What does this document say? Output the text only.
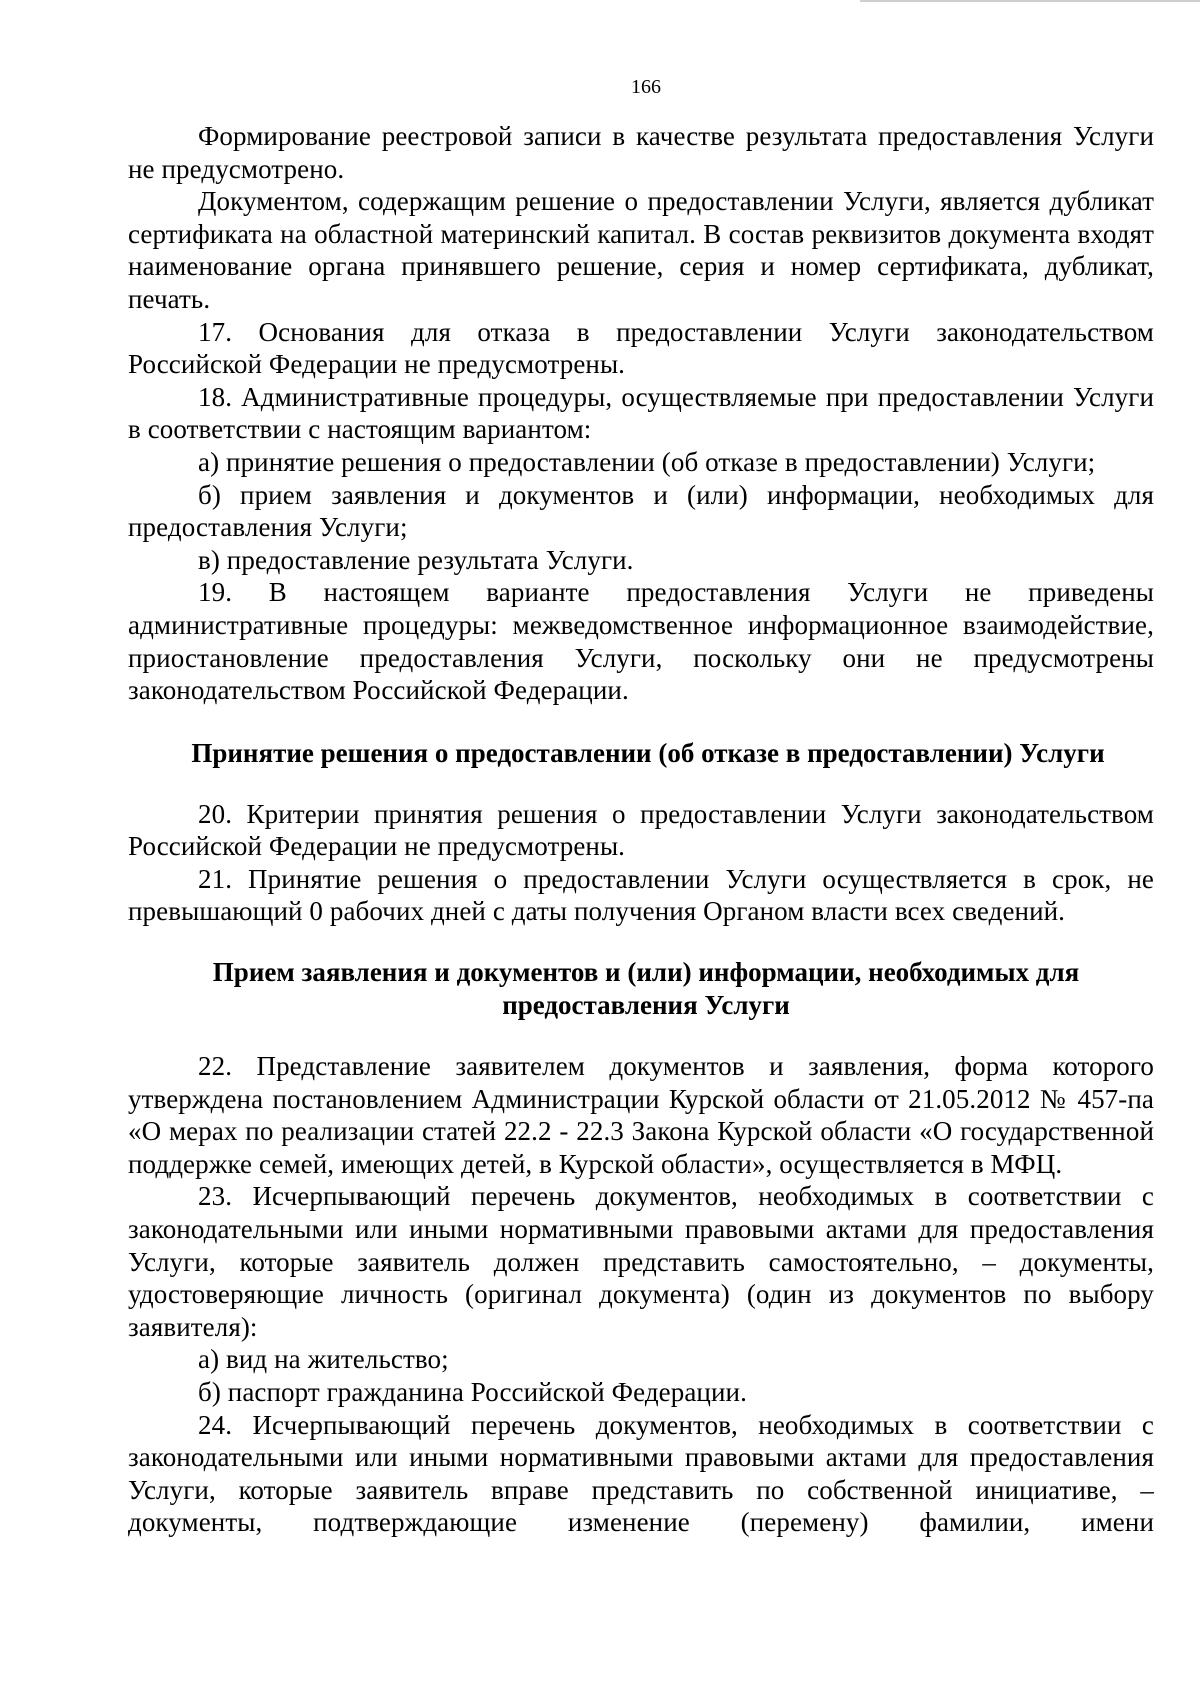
166

Формирование реестровой записи в качестве результата предоставления Услуги не предусмотрено.

Документом, содержащим решение о предоставлении Услуги, является дубликат сертификата на областной материнский капитал. В состав реквизитов документа входят наименование органа принявшего решение, серия и номер сертификата, дубликат, печать.

17. Основания для отказа в предоставлении Услуги законодательством Российской Федерации не предусмотрены.

18. Административные процедуры, осуществляемые при предоставлении Услуги в соответствии с настоящим вариантом:

а) принятие решения о предоставлении (об отказе в предоставлении) Услуги;

б) прием заявления и документов и (или) информации, необходимых для предоставления Услуги;

в) предоставление результата Услуги.

19. В настоящем варианте предоставления Услуги не приведены административные процедуры: межведомственное информационное взаимодействие, приостановление предоставления Услуги, поскольку они не предусмотрены законодательством Российской Федерации.

Принятие решения о предоставлении (об отказе в предоставлении) Услуги

20. Критерии принятия решения о предоставлении Услуги законодательством Российской Федерации не предусмотрены.

21. Принятие решения о предоставлении Услуги осуществляется в срок, не превышающий 0 рабочих дней с даты получения Органом власти всех сведений.

Прием заявления и документов и (или) информации, необходимых для предоставления Услуги

22. Представление заявителем документов и заявления, форма которого утверждена постановлением Администрации Курской области от 21.05.2012 № 457-па «О мерах по реализации статей 22.2 - 22.3 Закона Курской области «О государственной поддержке семей, имеющих детей, в Курской области», осуществляется в МФЦ.

23. Исчерпывающий перечень документов, необходимых в соответствии с законодательными или иными нормативными правовыми актами для предоставления Услуги, которые заявитель должен представить самостоятельно, – документы, удостоверяющие личность (оригинал документа) (один из документов по выбору заявителя):

а) вид на жительство;

б) паспорт гражданина Российской Федерации.

24. Исчерпывающий перечень документов, необходимых в соответствии с законодательными или иными нормативными правовыми актами для предоставления Услуги, которые заявитель вправе представить по собственной инициативе, – документы, подтверждающие изменение (перемену) фамилии, имени
